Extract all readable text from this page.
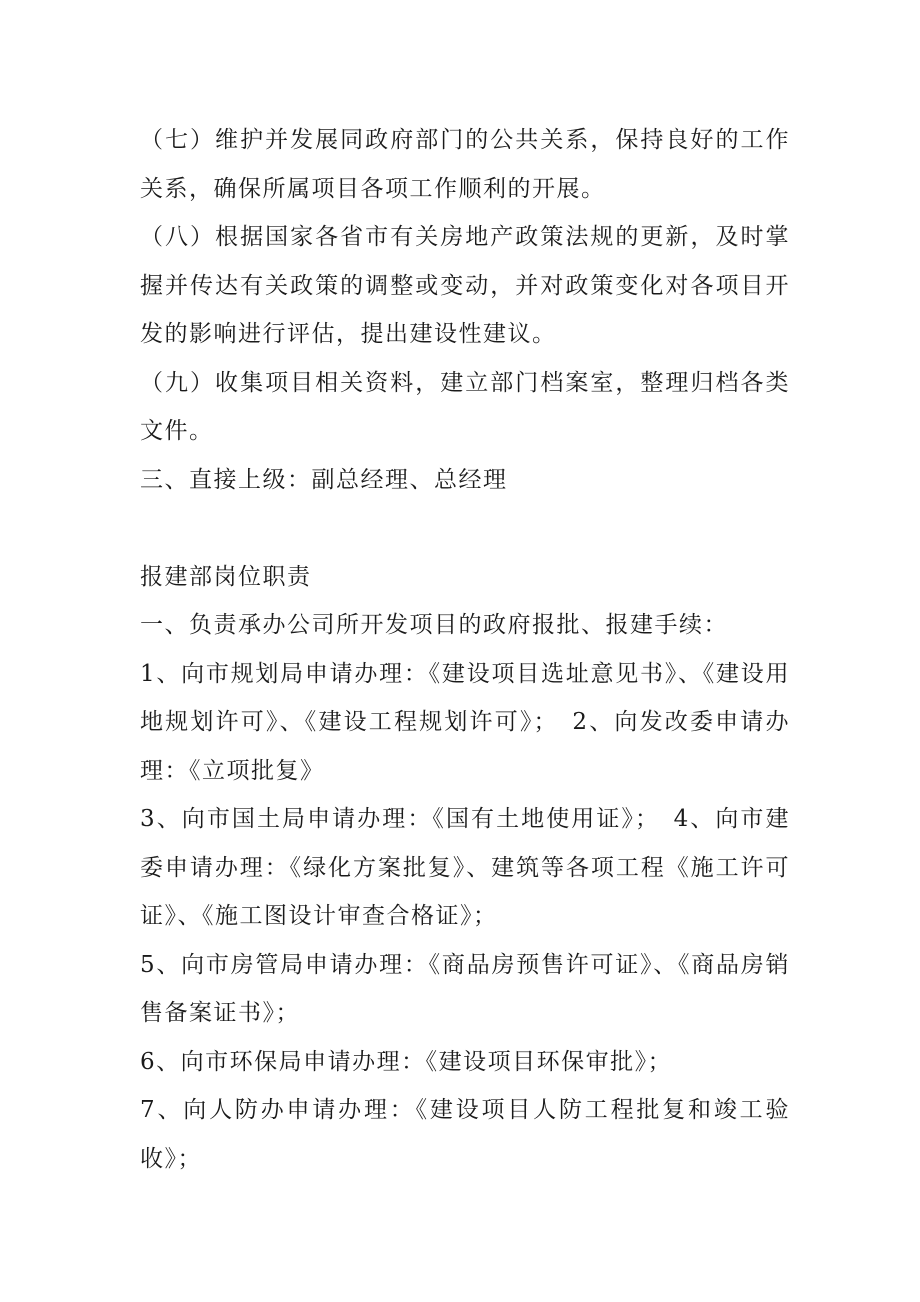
（七）维护并发展同政府部门的公共关系，保持良好的工作关系，确保所属项目各项工作顺利的开展。

（八）根据国家各省市有关房地产政策法规的更新，及时掌握并传达有关政策的调整或变动，并对政策变化对各项目开发的影响进行评估，提出建设性建议。

（九）收集项目相关资料，建立部门档案室，整理归档各类文件。

三、直接上级：副总经理、总经理

报建部岗位职责

一、负责承办公司所开发项目的政府报批、报建手续：

1、向市规划局申请办理：《建设项目选址意见书》、《建设用地规划许可》、《建设工程规划许可》；　2、向发改委申请办理：《立项批复》

3、向市国土局申请办理：《国有土地使用证》；　4、向市建委申请办理：《绿化方案批复》、建筑等各项工程《施工许可证》、《施工图设计审查合格证》；

5、向市房管局申请办理：《商品房预售许可证》、《商品房销售备案证书》；

6、向市环保局申请办理：《建设项目环保审批》；

7、向人防办申请办理：《建设项目人防工程批复和竣工验收》；
